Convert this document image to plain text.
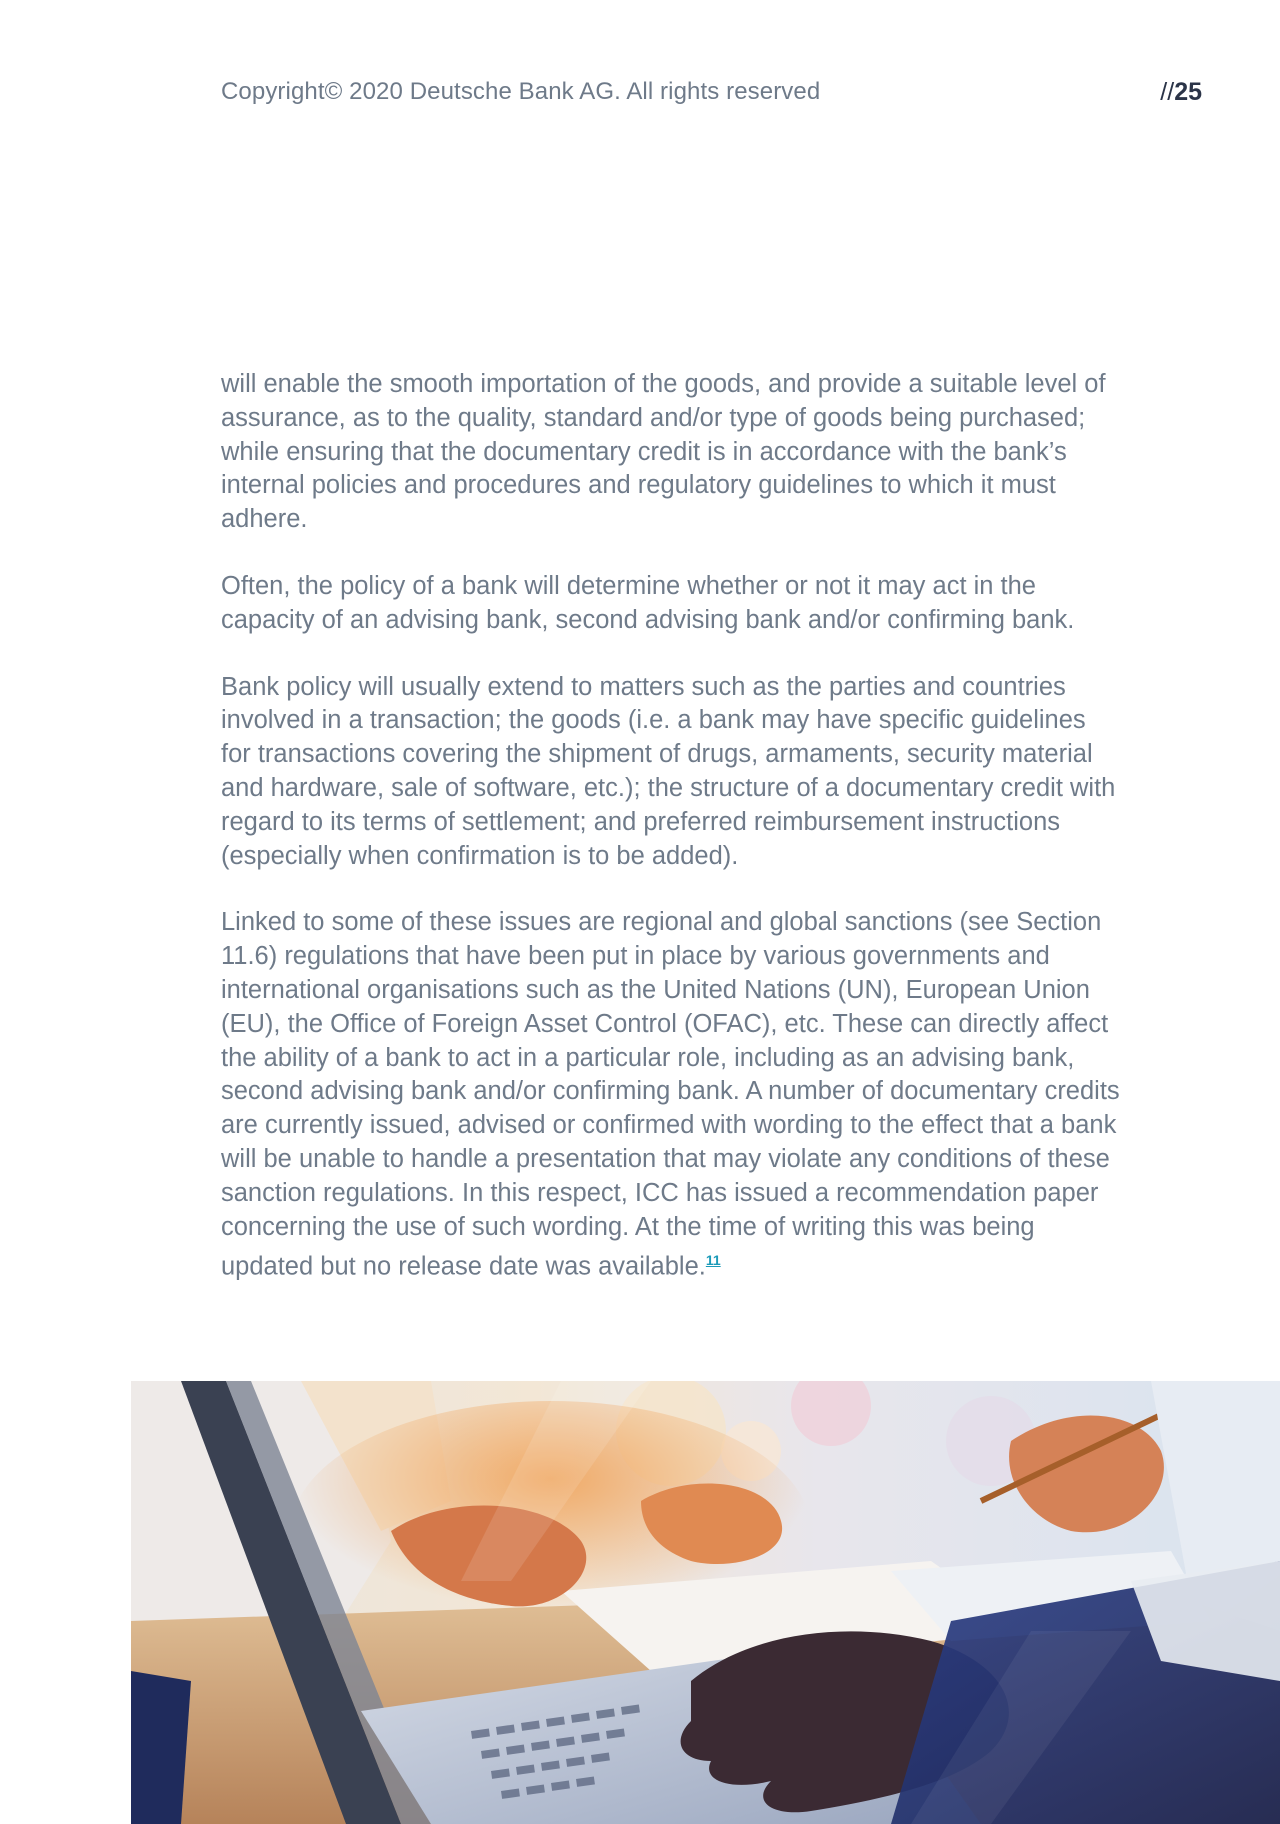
Copyright© 2020 Deutsche Bank AG. All rights reserved	//25

will enable the smooth importation of the goods, and provide a suitable level of assurance, as to the quality, standard and/or type of goods being purchased; while ensuring that the documentary credit is in accordance with the bank’s internal policies and procedures and regulatory guidelines to which it must adhere.

Often, the policy of a bank will determine whether or not it may act in the capacity of an advising bank, second advising bank and/or confirming bank.

Bank policy will usually extend to matters such as the parties and countries involved in a transaction; the goods (i.e. a bank may have specific guidelines for transactions covering the shipment of drugs, armaments, security material and hardware, sale of software, etc.); the structure of a documentary credit with regard to its terms of settlement; and preferred reimbursement instructions (especially when confirmation is to be added).

Linked to some of these issues are regional and global sanctions (see Section 11.6) regulations that have been put in place by various governments and international organisations such as the United Nations (UN), European Union (EU), the Office of Foreign Asset Control (OFAC), etc. These can directly affect the ability of a bank to act in a particular role, including as an advising bank, second advising bank and/or confirming bank. A number of documentary credits are currently issued, advised or confirmed with wording to the effect that a bank will be unable to handle a presentation that may violate any conditions of these sanction regulations. In this respect, ICC has issued a recommendation paper concerning the use of such wording. At the time of writing this was being updated but no release date was available.$^{11}$
